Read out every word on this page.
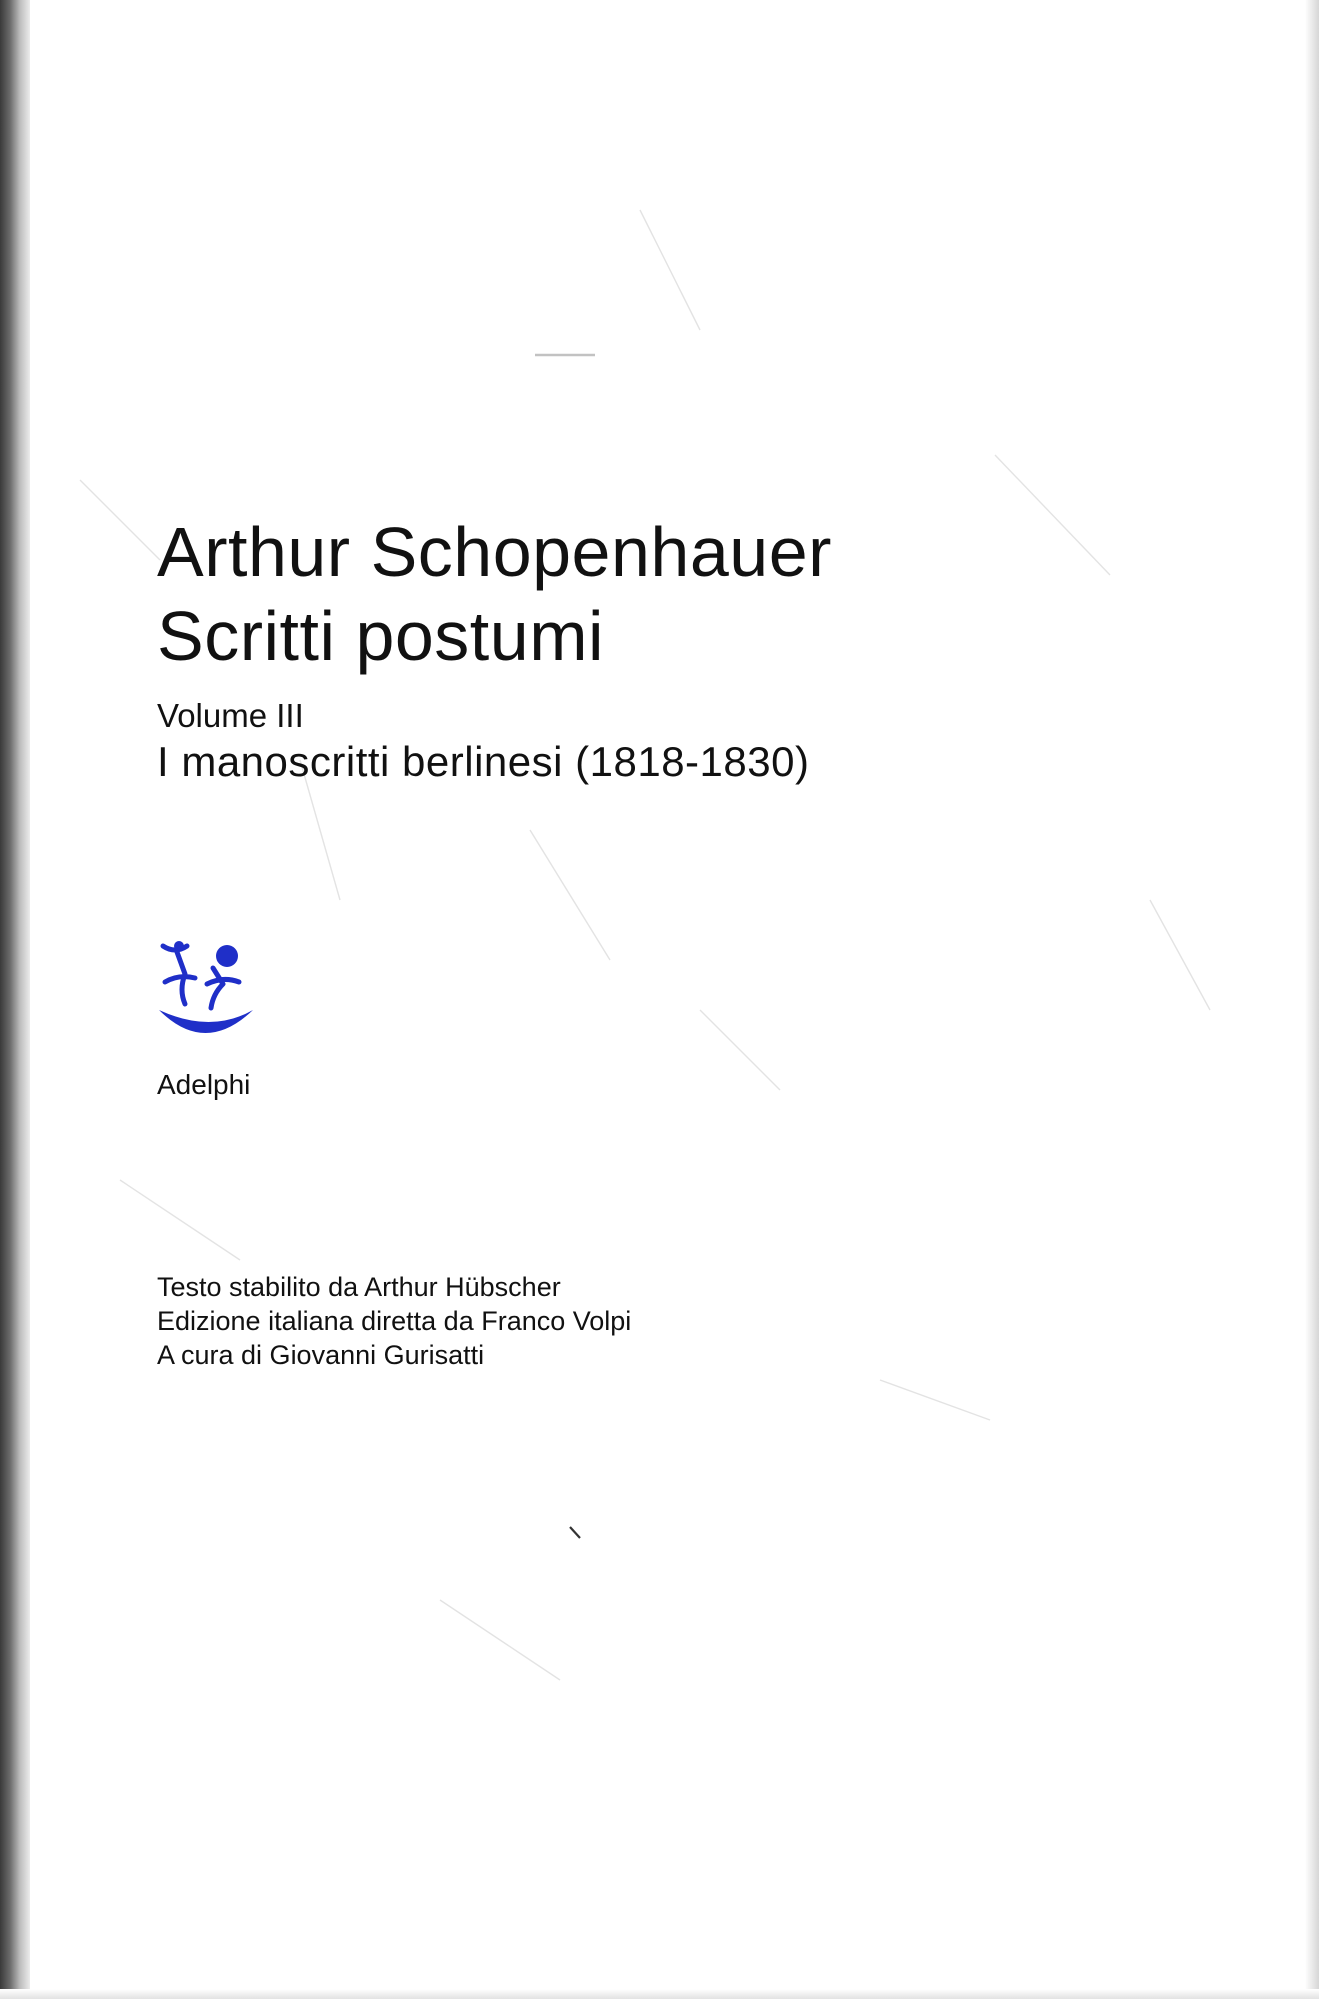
Arthur Schopenhauer
Scritti postumi
Volume III
I manoscritti berlinesi (1818-1830)
Adelphi
Testo stabilito da Arthur Hübscher
Edizione italiana diretta da Franco Volpi
A cura di Giovanni Gurisatti
